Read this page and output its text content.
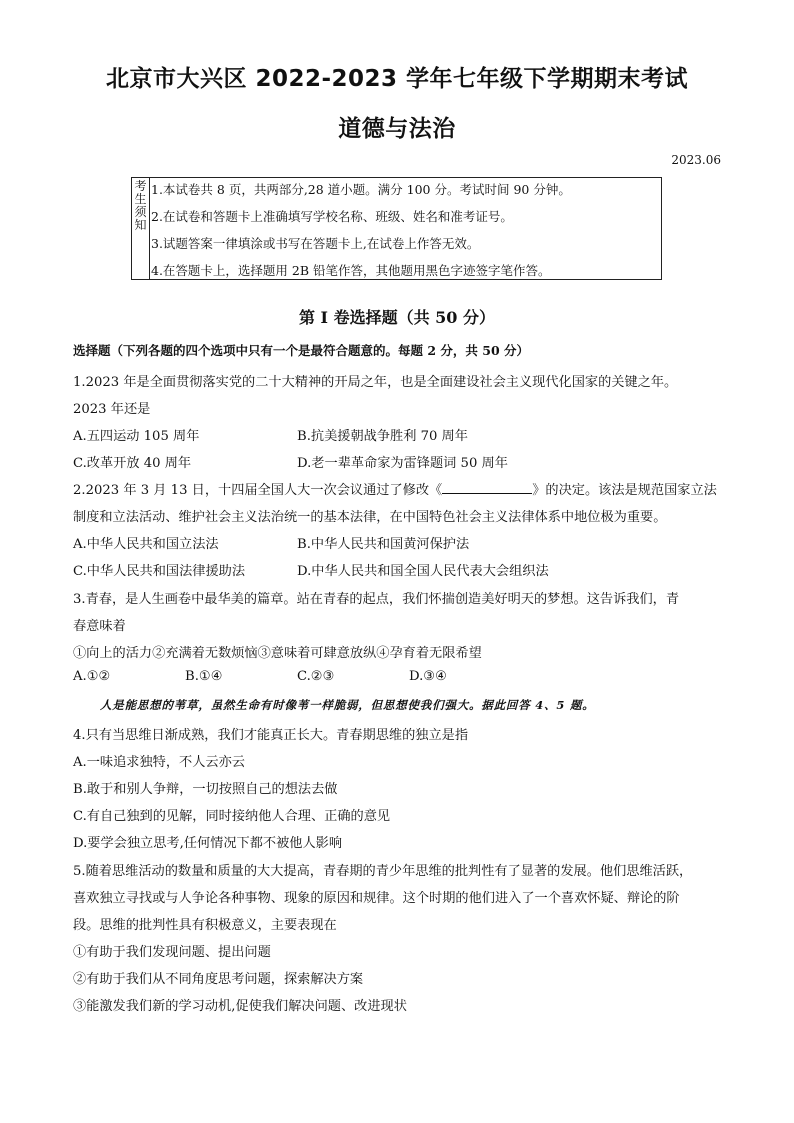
北京市大兴区 2022-2023 学年七年级下学期期末考试
道德与法治
2023.06
考
生
须
知
1.本试卷共 8 页，共两部分,28 道小题。满分 100 分。考试时间 90 分钟。
2.在试卷和答题卡上准确填写学校名称、班级、姓名和准考证号。
3.试题答案一律填涂或书写在答题卡上,在试卷上作答无效。
4.在答题卡上，选择题用 2B 铅笔作答，其他题用黑色字迹签字笔作答。
第 I 卷选择题（共 50 分）
选择题（下列各题的四个选项中只有一个是最符合题意的。每题 2 分，共 50 分）
1.2023 年是全面贯彻落实党的二十大精神的开局之年，也是全面建设社会主义现代化国家的关键之年。
2023 年还是
A.五四运动 105 周年	B.抗美援朝战争胜利 70 周年
C.改革开放 40 周年	D.老一辈革命家为雷锋题词 50 周年
2.2023 年 3 月 13 日，十四届全国人大一次会议通过了修改《	》的决定。该法是规范国家立法
制度和立法活动、维护社会主义法治统一的基本法律，在中国特色社会主义法律体系中地位极为重要。
A.中华人民共和国立法法	B.中华人民共和国黄河保护法
C.中华人民共和国法律援助法	D.中华人民共和国全国人民代表大会组织法
3.青春，是人生画卷中最华美的篇章。站在青春的起点，我们怀揣创造美好明天的梦想。这告诉我们，青
春意味着
①向上的活力②充满着无数烦恼③意味着可肆意放纵④孕育着无限希望
A.①②	B.①④	C.②③	D.③④
人是能思想的苇草，虽然生命有时像苇一样脆弱，但思想使我们强大。据此回答 4、5 题。
4.只有当思维日渐成熟，我们才能真正长大。青春期思维的独立是指
A.一味追求独特，不人云亦云
B.敢于和别人争辩，一切按照自己的想法去做
C.有自己独到的见解，同时接纳他人合理、正确的意见
D.要学会独立思考,任何情况下都不被他人影响
5.随着思维活动的数量和质量的大大提高，青春期的青少年思维的批判性有了显著的发展。他们思维活跃，
喜欢独立寻找或与人争论各种事物、现象的原因和规律。这个时期的他们进入了一个喜欢怀疑、辩论的阶
段。思维的批判性具有积极意义，主要表现在
①有助于我们发现问题、提出问题
②有助于我们从不同角度思考问题，探索解决方案
③能激发我们新的学习动机,促使我们解决问题、改进现状
